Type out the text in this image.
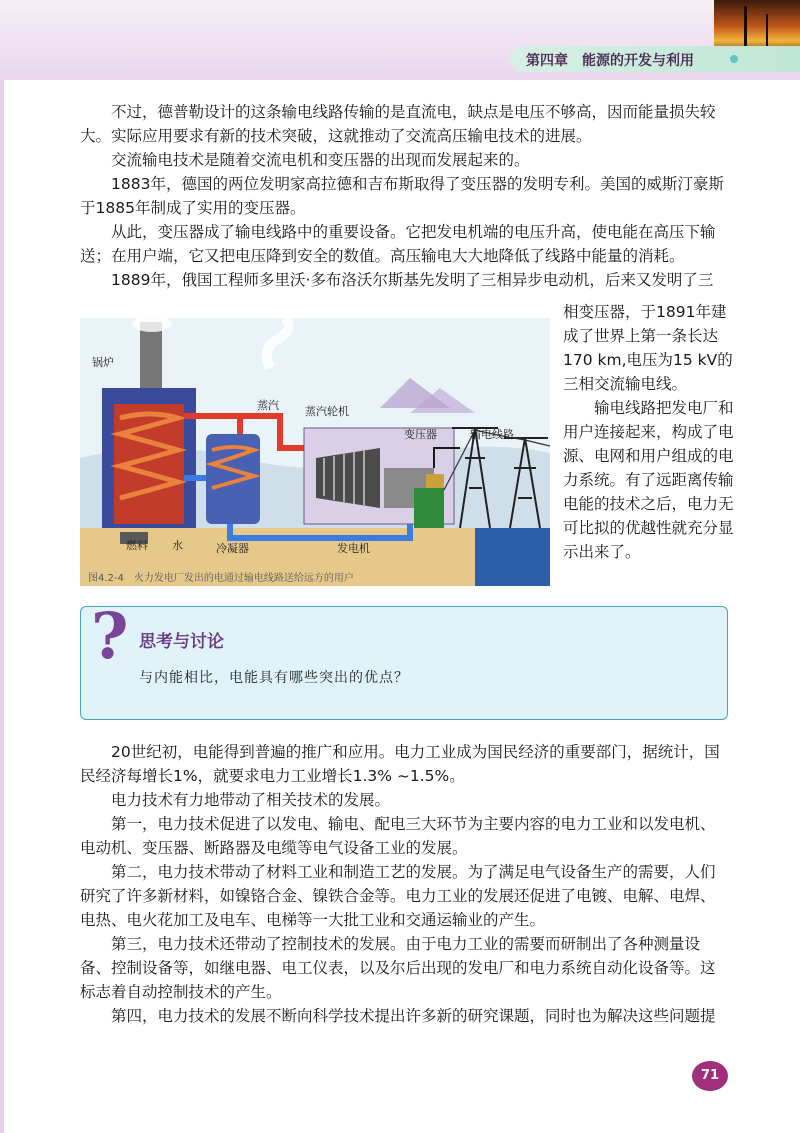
第四章　能源的开发与利用

不过，德普勒设计的这条输电线路传输的是直流电，缺点是电压不够高，因而能量损失较大。实际应用要求有新的技术突破，这就推动了交流高压输电技术的进展。

交流输电技术是随着交流电机和变压器的出现而发展起来的。

1883年，德国的两位发明家高拉德和吉布斯取得了变压器的发明专利。美国的威斯汀豪斯于1885年制成了实用的变压器。

从此，变压器成了输电线路中的重要设备。它把发电机端的电压升高，使电能在高压下输送；在用户端，它又把电压降到安全的数值。高压输电大大地降低了线路中能量的消耗。

1889年，俄国工程师多里沃·多布洛沃尔斯基先发明了三相异步电动机，后来又发明了三

锅炉
蒸汽 蒸汽轮机
变压器	输电线路
燃料 水	冷凝器	发电机
图4.2-4　火力发电厂发出的电通过输电线路送给远方的用户

相变压器，于1891年建成了世界上第一条长达170 km,电压为15 kV的三相交流输电线。

输电线路把发电厂和用户连接起来，构成了电源、电网和用户组成的电力系统。有了远距离传输电能的技术之后，电力无可比拟的优越性就充分显示出来了。

? 思考与讨论
与内能相比，电能具有哪些突出的优点？

20世纪初，电能得到普遍的推广和应用。电力工业成为国民经济的重要部门，据统计，国民经济每增长1%，就要求电力工业增长1.3% ~1.5%。

电力技术有力地带动了相关技术的发展。

第一，电力技术促进了以发电、输电、配电三大环节为主要内容的电力工业和以发电机、电动机、变压器、断路器及电缆等电气设备工业的发展。

第二，电力技术带动了材料工业和制造工艺的发展。为了满足电气设备生产的需要，人们研究了许多新材料，如镍铬合金、镍铁合金等。电力工业的发展还促进了电镀、电解、电焊、电热、电火花加工及电车、电梯等一大批工业和交通运输业的产生。

第三，电力技术还带动了控制技术的发展。由于电力工业的需要而研制出了各种测量设备、控制设备等，如继电器、电工仪表，以及尔后出现的发电厂和电力系统自动化设备等。这标志着自动控制技术的产生。

第四，电力技术的发展不断向科学技术提出许多新的研究课题，同时也为解决这些问题提

71
